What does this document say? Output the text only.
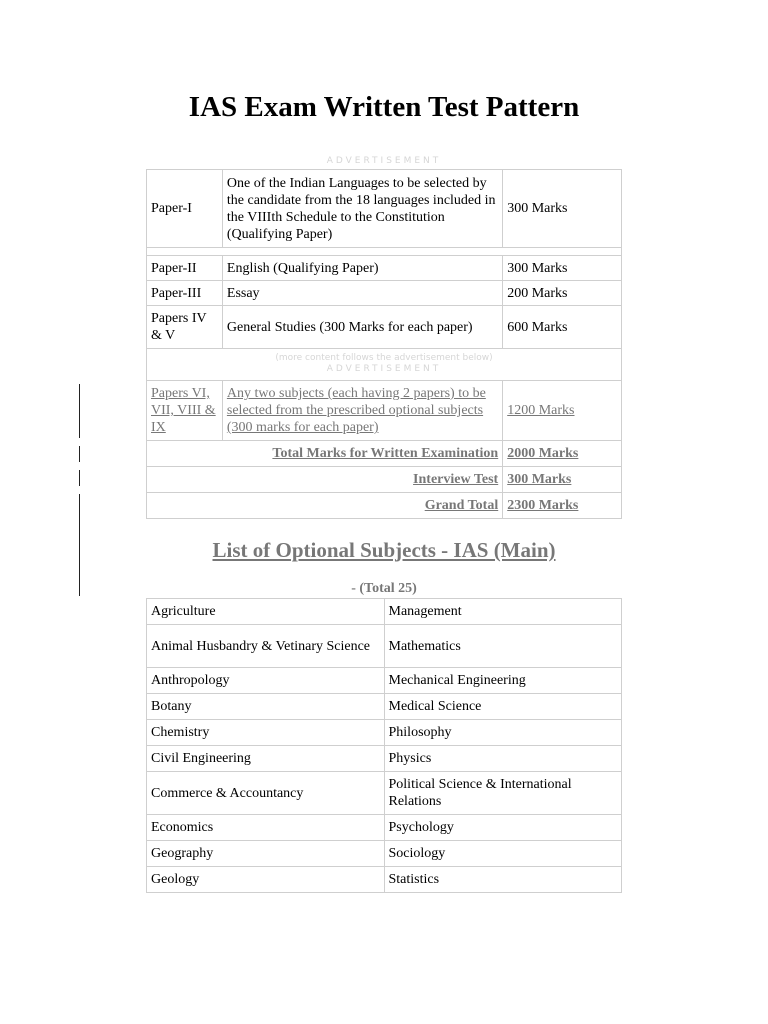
IAS Exam Written Test Pattern
ADVERTISEMENT
Paper-I	One of the Indian Languages to be selected by the candidate from the 18 languages included in the VIIIth Schedule to the Constitution (Qualifying Paper)	300 Marks

Paper-II	English (Qualifying Paper)	300 Marks
Paper-III	Essay	200 Marks
Papers IV & V	General Studies (300 Marks for each paper)	600 Marks

Papers VI, VII, VIII & IX	Any two subjects (each having 2 papers) to be selected from the prescribed optional subjects (300 marks for each paper)	1200 Marks
Total Marks for Written Examination		2000 Marks
Interview Test		300 Marks
Grand Total		2300 Marks
(more content follows the advertisement below)
ADVERTISEMENT
List of Optional Subjects - IAS (Main)
- (Total 25)
Agriculture	Management
Animal Husbandry & Vetinary Science	Mathematics
Anthropology	Mechanical Engineering
Botany	Medical Science
Chemistry	Philosophy
Civil Engineering	Physics
Commerce & Accountancy	Political Science & International Relations
Economics	Psychology
Geography	Sociology
Geology	Statistics
